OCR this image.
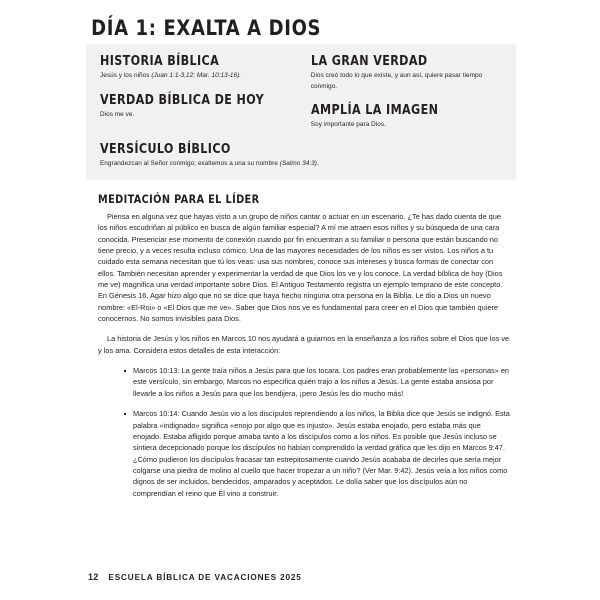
DÍA 1: EXALTA A DIOS
HISTORIA BÍBLICA
Jesús y los niños (Juan 1:1-3,12; Mar. 10:13-16).
VERDAD BÍBLICA DE HOY
Dios me ve.
LA GRAN VERDAD
Dios creó todo lo que existe, y aun así, quiere pasar tiempo conmigo.
AMPLÍA LA IMAGEN
Soy importante para Dios.
VERSÍCULO BÍBLICO
Engrandezcan al Señor conmigo; exaltemos a una su nombre (Salmo 34:3).
MEDITACIÓN PARA EL LÍDER

Piensa en alguna vez que hayas visto a un grupo de niños cantar o actuar en un escenario. ¿Te has dado cuenta de que los niños escudriñan al público en busca de algún familiar especial? A mí me atraen esos niños y su búsqueda de una cara conocida. Presenciar ese momento de conexión cuando por fin encuentran a su familiar o persona que están buscando no tiene precio, y a veces resulta incluso cómico. Una de las mayores necesidades de los niños es ser vistos. Los niños a tu cuidado esta semana necesitan que tú los veas: usa sus nombres, conoce sus intereses y busca formas de conectar con ellos. También necesitan aprender y experimentar la verdad de que Dios los ve y los conoce. La verdad bíblica de hoy (Dios me ve) magnifica una verdad importante sobre Dios. El Antiguo Testamento registra un ejemplo temprano de este concepto. En Génesis 16, Agar hizo algo que no se dice que haya hecho ninguna otra persona en la Biblia. Le dio a Dios un nuevo nombre: «El-Roi» o «El Dios que me ve». Saber que Dios nos ve es fundamental para creer en el Dios que también quiere conocernos. No somos invisibles para Dios.

La historia de Jesús y los niños en Marcos 10 nos ayudará a guiarnos en la enseñanza a los niños sobre el Dios que los ve y los ama. Considera estos detalles de esta interacción:

Marcos 10:13: La gente traía niños a Jesús para que los tocara. Los padres eran probablemente las «personas» en este versículo, sin embargo, Marcos no especifica quién trajo a los niños a Jesús. La gente estaba ansiosa por llevarle a los niños a Jesús para que los bendijera, ¡pero Jesús les dio mucho más!
Marcos 10:14: Cuando Jesús vio a los discípulos reprendiendo a los niños, la Biblia dice que Jesús se indignó. Esta palabra «indignado» significa «enojo por algo que es injusto». Jesús estaba enojado, pero estaba más que enojado. Estaba afligido porque amaba tanto a los discípulos como a los niños. Es posible que Jesús incluso se sintiera decepcionado porque los discípulos no habían comprendido la verdad gráfica que les dijo en Marcos 9:47. ¿Cómo pudieron los discípulos fracasar tan estrepitosamente cuando Jesús acababa de decirles que sería mejor colgarse una piedra de molino al cuello que hacer tropezar a un niño? (Ver Mar. 9:42). Jesús veía a los niños como dignos de ser incluidos, bendecidos, amparados y aceptados. Le dolía saber que los discípulos aún no comprendían el reino que Él vino a construir.
12 ESCUELA BÍBLICA DE VACACIONES 2025
